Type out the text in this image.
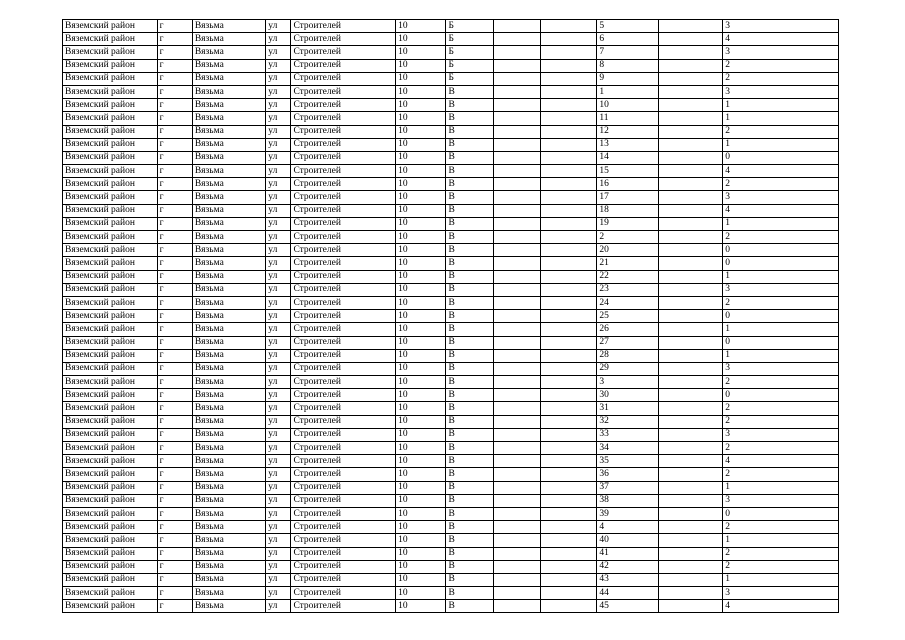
Вяземский район	г	Вязьма	ул	Строителей	10	Б			5		3
Вяземский район	г	Вязьма	ул	Строителей	10	Б			6		4
Вяземский район	г	Вязьма	ул	Строителей	10	Б			7		3
Вяземский район	г	Вязьма	ул	Строителей	10	Б			8		2
Вяземский район	г	Вязьма	ул	Строителей	10	Б			9		2
Вяземский район	г	Вязьма	ул	Строителей	10	В			1		3
Вяземский район	г	Вязьма	ул	Строителей	10	В			10		1
Вяземский район	г	Вязьма	ул	Строителей	10	В			11		1
Вяземский район	г	Вязьма	ул	Строителей	10	В			12		2
Вяземский район	г	Вязьма	ул	Строителей	10	В			13		1
Вяземский район	г	Вязьма	ул	Строителей	10	В			14		0
Вяземский район	г	Вязьма	ул	Строителей	10	В			15		4
Вяземский район	г	Вязьма	ул	Строителей	10	В			16		2
Вяземский район	г	Вязьма	ул	Строителей	10	В			17		3
Вяземский район	г	Вязьма	ул	Строителей	10	В			18		4
Вяземский район	г	Вязьма	ул	Строителей	10	В			19		1
Вяземский район	г	Вязьма	ул	Строителей	10	В			2		2
Вяземский район	г	Вязьма	ул	Строителей	10	В			20		0
Вяземский район	г	Вязьма	ул	Строителей	10	В			21		0
Вяземский район	г	Вязьма	ул	Строителей	10	В			22		1
Вяземский район	г	Вязьма	ул	Строителей	10	В			23		3
Вяземский район	г	Вязьма	ул	Строителей	10	В			24		2
Вяземский район	г	Вязьма	ул	Строителей	10	В			25		0
Вяземский район	г	Вязьма	ул	Строителей	10	В			26		1
Вяземский район	г	Вязьма	ул	Строителей	10	В			27		0
Вяземский район	г	Вязьма	ул	Строителей	10	В			28		1
Вяземский район	г	Вязьма	ул	Строителей	10	В			29		3
Вяземский район	г	Вязьма	ул	Строителей	10	В			3		2
Вяземский район	г	Вязьма	ул	Строителей	10	В			30		0
Вяземский район	г	Вязьма	ул	Строителей	10	В			31		2
Вяземский район	г	Вязьма	ул	Строителей	10	В			32		2
Вяземский район	г	Вязьма	ул	Строителей	10	В			33		3
Вяземский район	г	Вязьма	ул	Строителей	10	В			34		2
Вяземский район	г	Вязьма	ул	Строителей	10	В			35		4
Вяземский район	г	Вязьма	ул	Строителей	10	В			36		2
Вяземский район	г	Вязьма	ул	Строителей	10	В			37		1
Вяземский район	г	Вязьма	ул	Строителей	10	В			38		3
Вяземский район	г	Вязьма	ул	Строителей	10	В			39		0
Вяземский район	г	Вязьма	ул	Строителей	10	В			4		2
Вяземский район	г	Вязьма	ул	Строителей	10	В			40		1
Вяземский район	г	Вязьма	ул	Строителей	10	В			41		2
Вяземский район	г	Вязьма	ул	Строителей	10	В			42		2
Вяземский район	г	Вязьма	ул	Строителей	10	В			43		1
Вяземский район	г	Вязьма	ул	Строителей	10	В			44		3
Вяземский район	г	Вязьма	ул	Строителей	10	В			45		4
